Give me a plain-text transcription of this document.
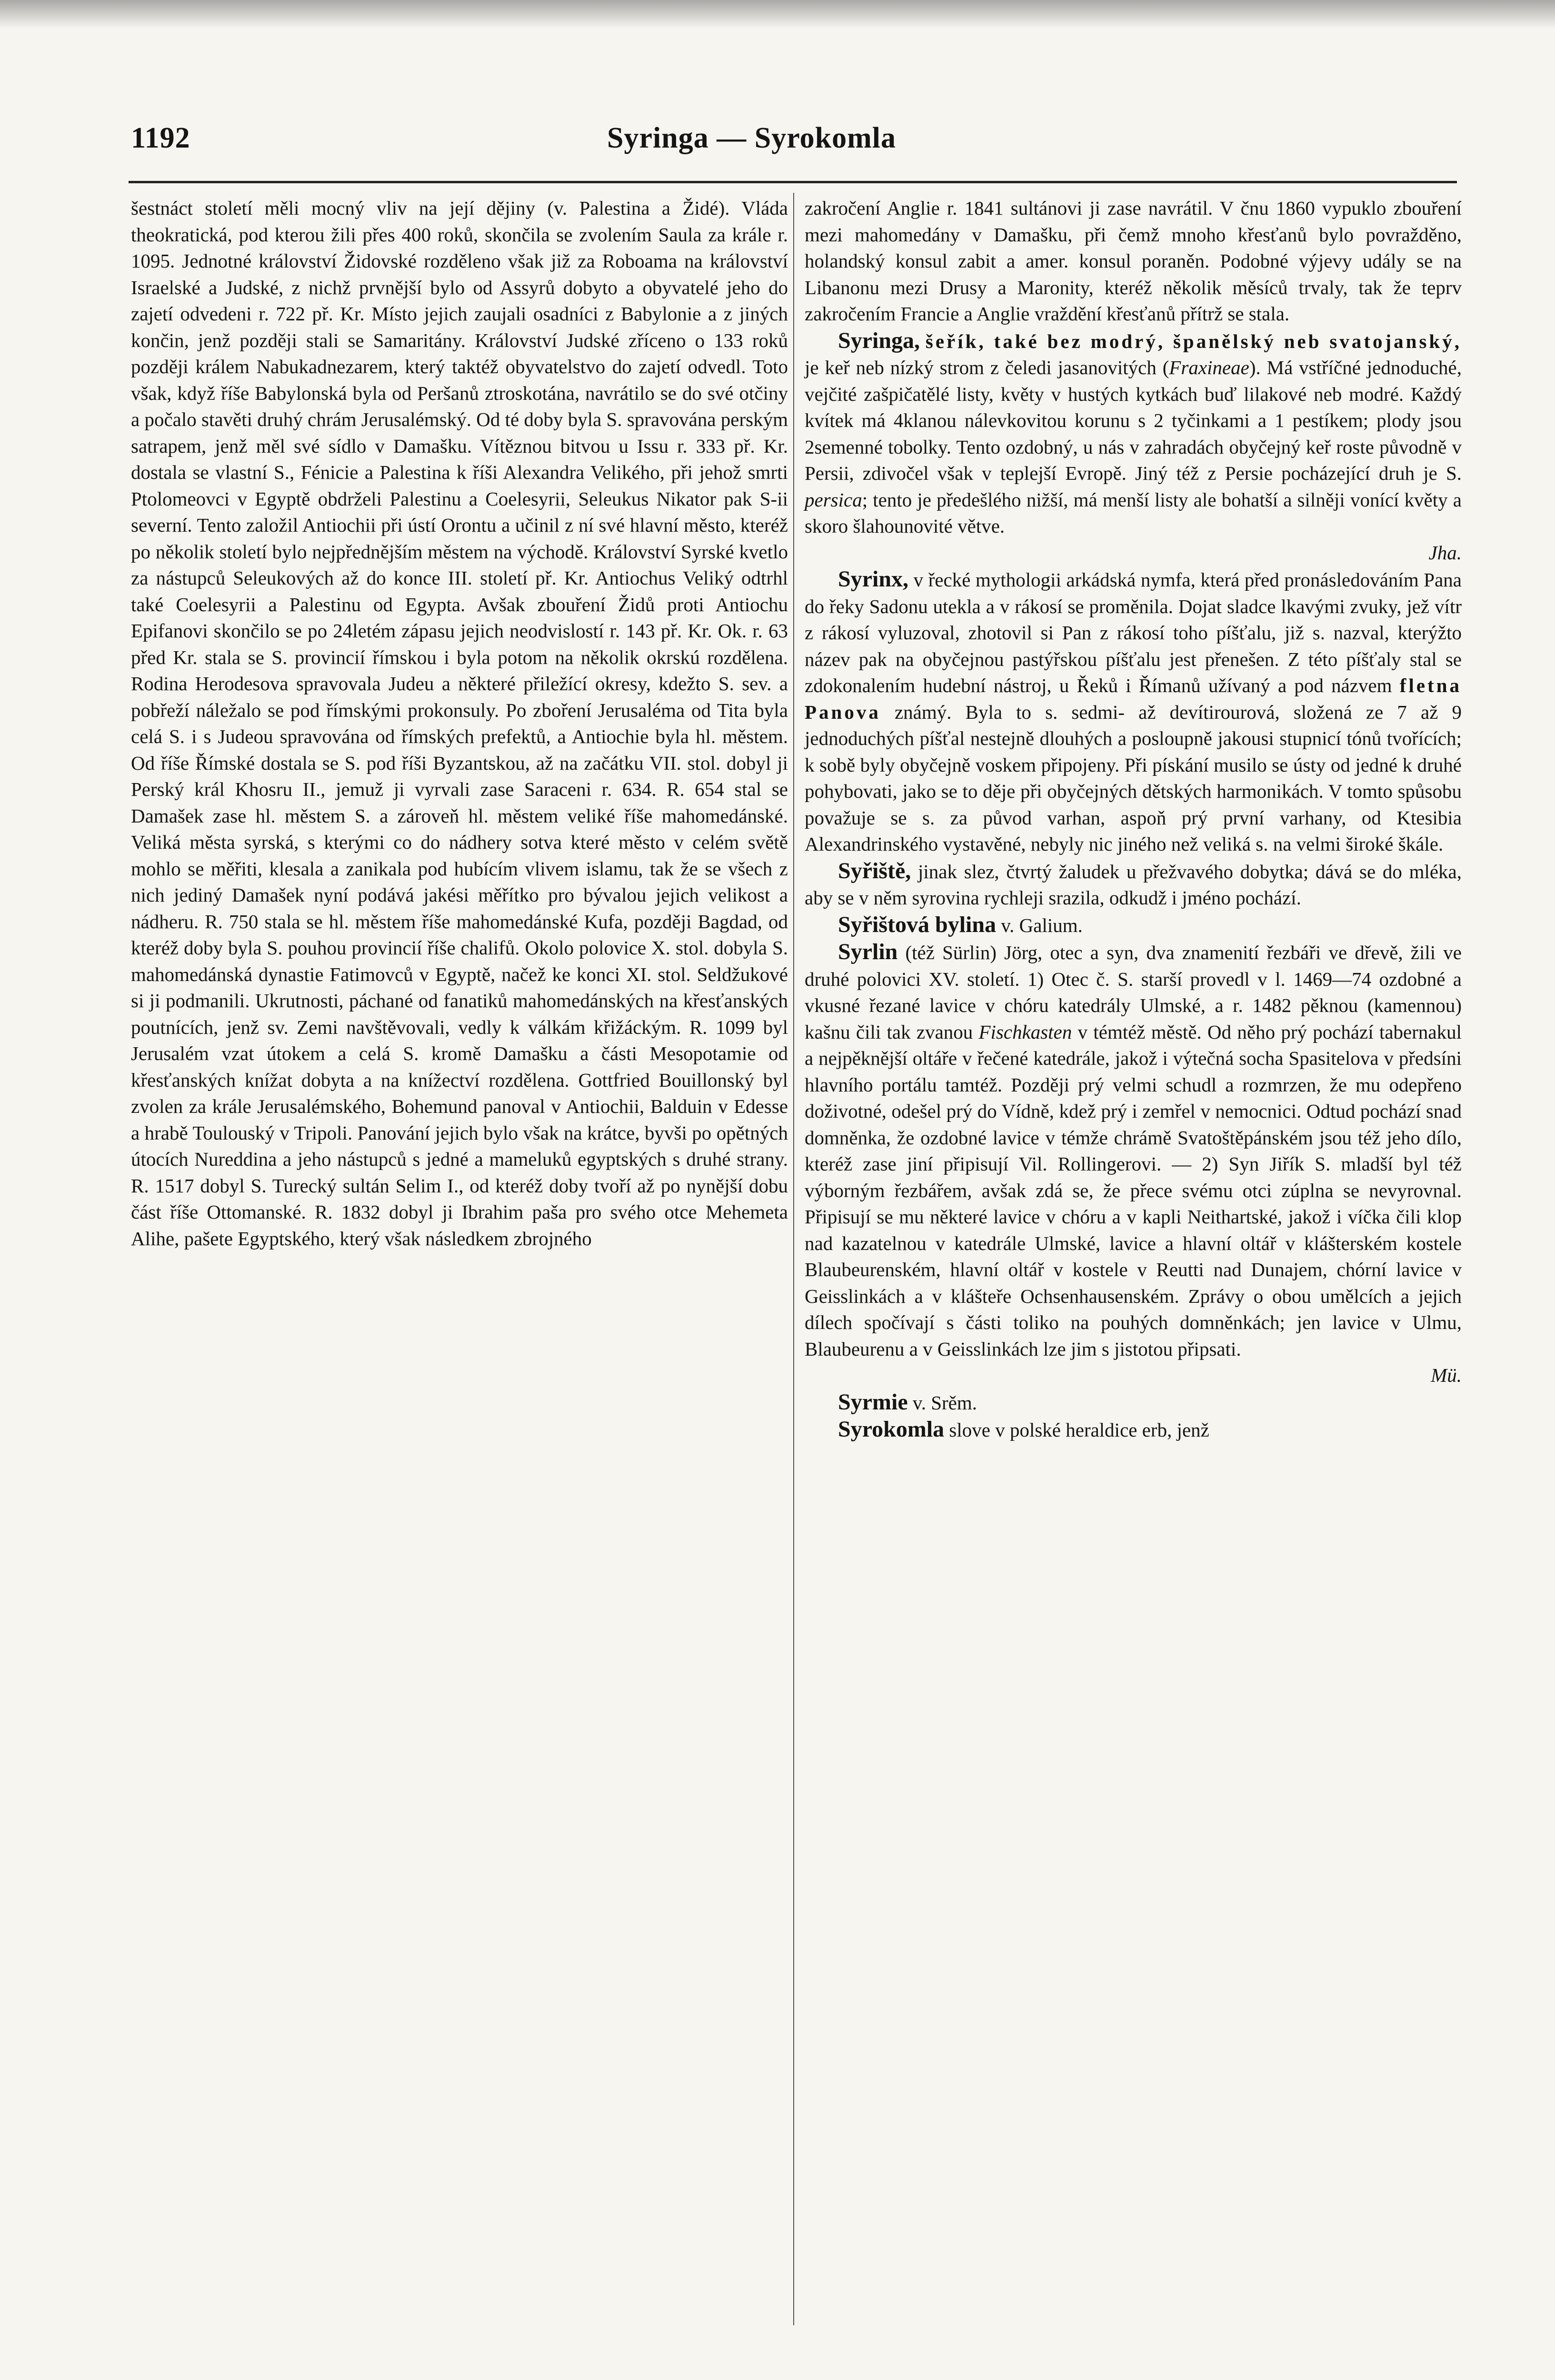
1192	Syringa — Syrokomla

šestnáct století měli mocný vliv na její dějiny (v. Palestina a Židé). Vláda theokratická, pod kterou žili přes 400 roků, skončila se zvolením Saula za krále r. 1095. Jednotné království Židovské rozděleno však již za Roboama na království Israelské a Judské, z nichž prvnější bylo od Assyrů dobyto a obyvatelé jeho do zajetí odvedeni r. 722 př. Kr. Místo jejich zaujali osadníci z Babylonie a z jiných končin, jenž později stali se Samaritány. Království Judské zříceno o 133 roků později králem Nabukadnezarem, který taktéž obyvatelstvo do zajetí odvedl. Toto však, když říše Babylonská byla od Peršanů ztroskotána, navrátilo se do své otčiny a počalo stavěti druhý chrám Jerusalémský. Od té doby byla S. spravována perským satrapem, jenž měl své sídlo v Damašku. Vítěznou bitvou u Issu r. 333 př. Kr. dostala se vlastní S., Fénicie a Palestina k říši Alexandra Velikého, při jehož smrti Ptolomeovci v Egyptě obdrželi Palestinu a Coelesyrii, Seleukus Nikator pak S-ii severní. Tento založil Antiochii při ústí Orontu a učinil z ní své hlavní město, kteréž po několik století bylo nejpřednějším městem na východě. Království Syrské kvetlo za nástupců Seleukových až do konce III. století př. Kr. Antiochus Veliký odtrhl také Coelesyrii a Palestinu od Egypta. Avšak zbouření Židů proti Antiochu Epifanovi skončilo se po 24letém zápasu jejich neodvislostí r. 143 př. Kr. Ok. r. 63 před Kr. stala se S. provincií římskou i byla potom na několik okrskú rozdělena. Rodina Herodesova spravovala Judeu a některé přiležící okresy, kdežto S. sev. a pobřeží náležalo se pod římskými prokonsuly. Po zboření Jerusaléma od Tita byla celá S. i s Judeou spravována od římských prefektů, a Antiochie byla hl. městem. Od říše Římské dostala se S. pod říši Byzantskou, až na začátku VII. stol. dobyl ji Perský král Khosru II., jemuž ji vyrvali zase Saraceni r. 634. R. 654 stal se Damašek zase hl. městem S. a zároveň hl. městem veliké říše mahomedánské. Veliká města syrská, s kterými co do nádhery sotva které město v celém světě mohlo se měřiti, klesala a zanikala pod hubícím vlivem islamu, tak že se všech z nich jediný Damašek nyní podává jakési měřítko pro bývalou jejich velikost a nádheru. R. 750 stala se hl. městem říše mahomedánské Kufa, později Bagdad, od kteréž doby byla S. pouhou provincií říše chalifů. Okolo polovice X. stol. dobyla S. mahomedánská dynastie Fatimovců v Egyptě, načež ke konci XI. stol. Seldžukové si ji podmanili. Ukrutnosti, páchané od fanatiků mahomedánských na křesťanských poutnících, jenž sv. Zemi navštěvovali, vedly k válkám křižáckým. R. 1099 byl Jerusalém vzat útokem a celá S. kromě Damašku a části Mesopotamie od křesťanských knížat dobyta a na knížectví rozdělena. Gottfried Bouillonský byl zvolen za krále Jerusalémského, Bohemund panoval v Antiochii, Balduin v Edesse a hrabě Toulouský v Tripoli. Panování jejich bylo však na krátce, byvši po opětných útocích Nureddina a jeho nástupců s jedné a mameluků egyptských s druhé strany. R. 1517 dobyl S. Turecký sultán Selim I., od kteréž doby tvoří až po nynější dobu část říše Ottomanské. R. 1832 dobyl ji Ibrahim paša pro svého otce Mehemeta Alihe, pašete Egyptského, který však následkem zbrojného

zakročení Anglie r. 1841 sultánovi ji zase navrátil. V čnu 1860 vypuklo zbouření mezi mahomedány v Damašku, při čemž mnoho křesťanů bylo povražděno, holandský konsul zabit a amer. konsul poraněn. Podobné výjevy udály se na Libanonu mezi Drusy a Maronity, kteréž několik měsíců trvaly, tak že teprv zakročením Francie a Anglie vraždění křesťanů přítrž se stala.

Syringa, šeřík, také bez modrý, španělský neb svatojanský, je keř neb nízký strom z čeledi jasanovitých (Fraxineae). Má vstříčné jednoduché, vejčité zašpičatělé listy, květy v hustých kytkách buď lilakové neb modré. Každý kvítek má 4klanou nálevkovitou korunu s 2 tyčinkami a 1 pestíkem; plody jsou 2semenné tobolky. Tento ozdobný, u nás v zahradách obyčejný keř roste původně v Persii, zdivočel však v teplejší Evropě. Jiný též z Persie pocházející druh je S. persica; tento je předešlého nižší, má menší listy ale bohatší a silněji vonící květy a skoro šlahounovité větve.
Jha.

Syrinx, v řecké mythologii arkádská nymfa, která před pronásledováním Pana do řeky Sadonu utekla a v rákosí se proměnila. Dojat sladce lkavými zvuky, jež vítr z rákosí vyluzoval, zhotovil si Pan z rákosí toho píšťalu, již s. nazval, kterýžto název pak na obyčejnou pastýřskou píšťalu jest přenešen. Z této píšťaly stal se zdokonalením hudební nástroj, u Řeků i Římanů užívaný a pod názvem fletna Panova známý. Byla to s. sedmi- až devítirourová, složená ze 7 až 9 jednoduchých píšťal nestejně dlouhých a posloupně jakousi stupnicí tónů tvořících; k sobě byly obyčejně voskem připojeny. Při pískání musilo se ústy od jedné k druhé pohybovati, jako se to děje při obyčejných dětských harmonikách. V tomto spůsobu považuje se s. za původ varhan, aspoň prý první varhany, od Ktesibia Alexandrinského vystavěné, nebyly nic jiného než veliká s. na velmi široké škále.

Syřiště, jinak slez, čtvrtý žaludek u přežvavého dobytka; dává se do mléka, aby se v něm syrovina rychleji srazila, odkudž i jméno pochází.

Syřištová bylina v. Galium.

Syrlin (též Sürlin) Jörg, otec a syn, dva znamenití řezbáři ve dřevě, žili ve druhé polovici XV. století. 1) Otec č. S. starší provedl v l. 1469—74 ozdobné a vkusné řezané lavice v chóru katedrály Ulmské, a r. 1482 pěknou (kamennou) kašnu čili tak zvanou Fischkasten v témtéž městě. Od něho prý pochází tabernakul a nejpěknější oltáře v řečené katedrále, jakož i výtečná socha Spasitelova v předsíni hlavního portálu tamtéž. Později prý velmi schudl a rozmrzen, že mu odepřeno doživotné, odešel prý do Vídně, kdež prý i zemřel v nemocnici. Odtud pochází snad domněnka, že ozdobné lavice v témže chrámě Svatoštěpánském jsou též jeho dílo, kteréž zase jiní připisují Vil. Rollingerovi. — 2) Syn Jiřík S. mladší byl též výborným řezbářem, avšak zdá se, že přece svému otci zúplna se nevyrovnal. Připisují se mu některé lavice v chóru a v kapli Neithartské, jakož i víčka čili klop nad kazatelnou v katedrále Ulmské, lavice a hlavní oltář v klášterském kostele Blaubeurenském, hlavní oltář v kostele v Reutti nad Dunajem, chórní lavice v Geisslinkách a v klášteře Ochsenhausenském. Zprávy o obou umělcích a jejich dílech spočívají s části toliko na pouhých domněnkách; jen lavice v Ulmu, Blaubeurenu a v Geisslinkách lze jim s jistotou připsati.
Mü.

Syrmie v. Srěm.

Syrokomla slove v polské heraldice erb, jenž
